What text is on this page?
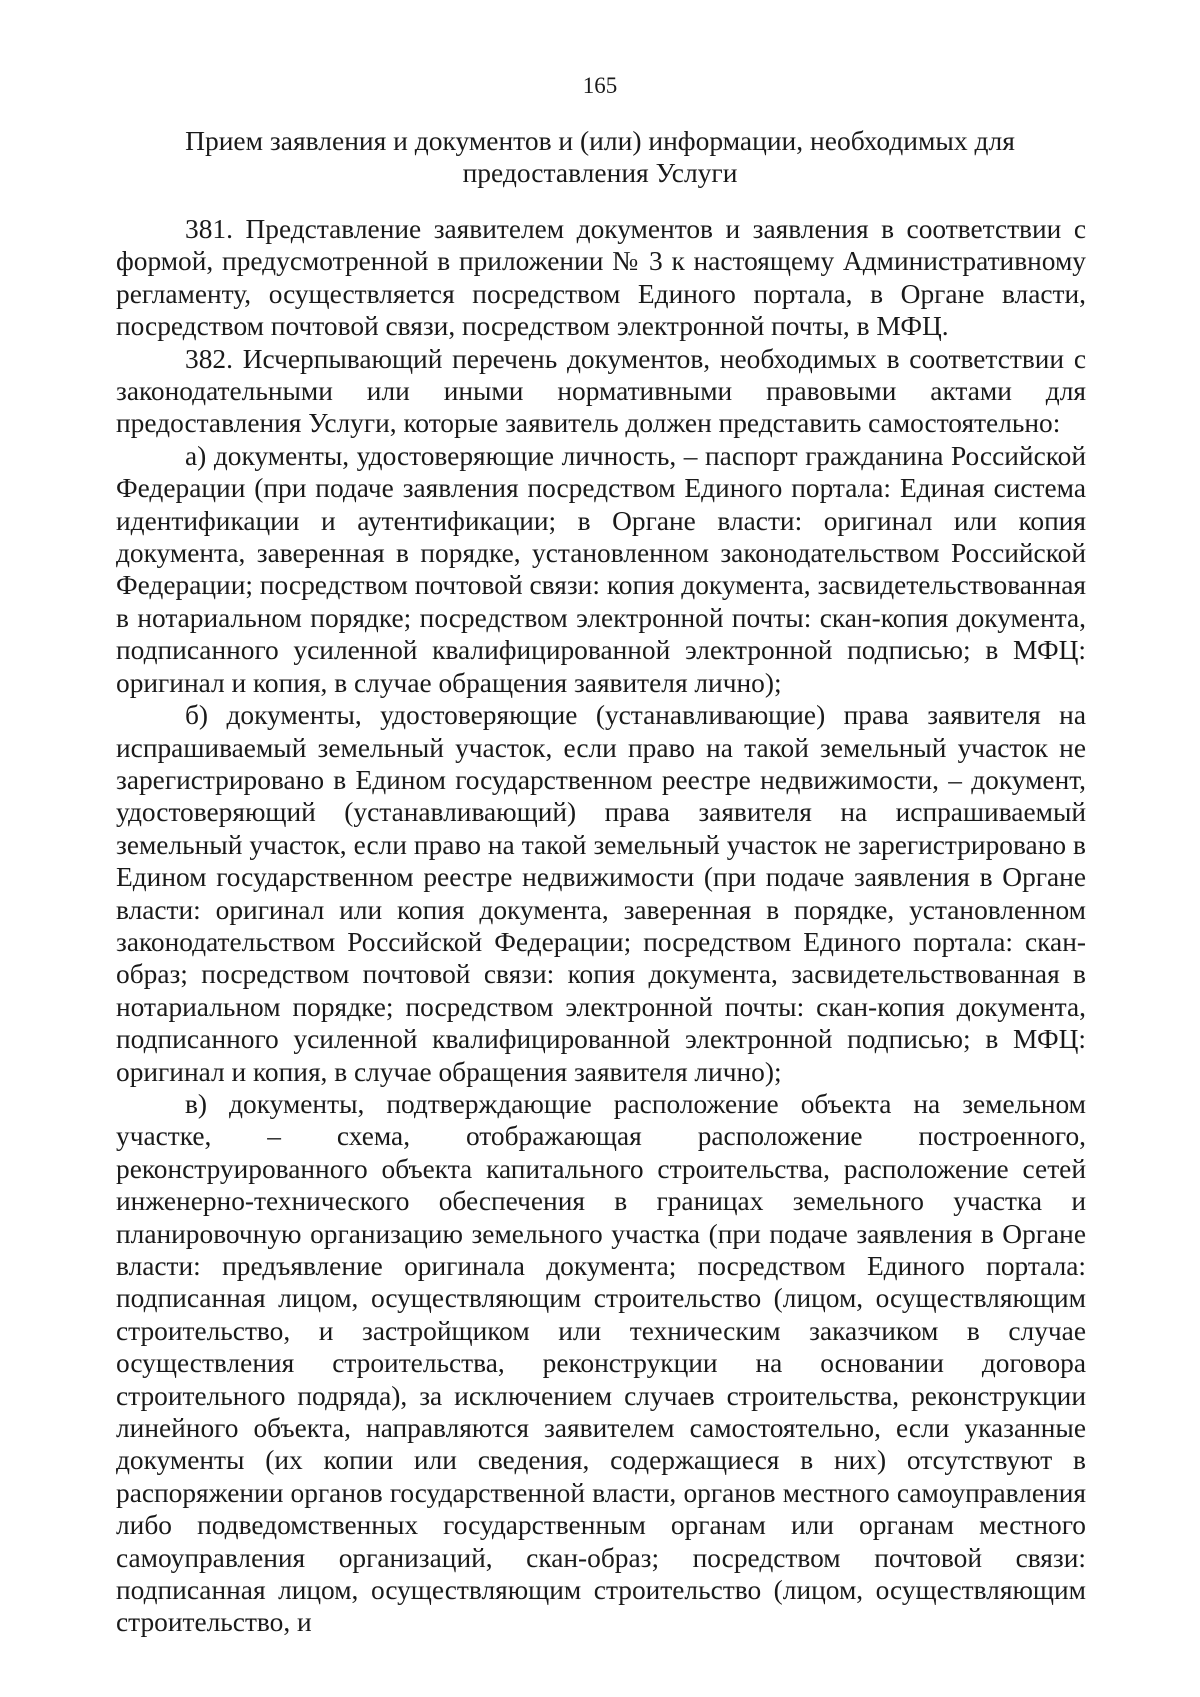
165
Прием заявления и документов и (или) информации, необходимых для
предоставления Услуги

381. Представление заявителем документов и заявления в соответствии с формой, предусмотренной в приложении № 3 к настоящему Административному регламенту, осуществляется посредством Единого портала, в Органе власти, посредством почтовой связи, посредством электронной почты, в МФЦ.

382. Исчерпывающий перечень документов, необходимых в соответствии с законодательными или иными нормативными правовыми актами для предоставления Услуги, которые заявитель должен представить самостоятельно:

а) документы, удостоверяющие личность, – паспорт гражданина Российской Федерации (при подаче заявления посредством Единого портала: Единая система идентификации и аутентификации; в Органе власти: оригинал или копия документа, заверенная в порядке, установленном законодательством Российской Федерации; посредством почтовой связи: копия документа, засвидетельствованная в нотариальном порядке; посредством электронной почты: скан-копия документа, подписанного усиленной квалифицированной электронной подписью; в МФЦ: оригинал и копия, в случае обращения заявителя лично);

б) документы, удостоверяющие (устанавливающие) права заявителя на испрашиваемый земельный участок, если право на такой земельный участок не зарегистрировано в Едином государственном реестре недвижимости, – документ, удостоверяющий (устанавливающий) права заявителя на испрашиваемый земельный участок, если право на такой земельный участок не зарегистрировано в Едином государственном реестре недвижимости (при подаче заявления в Органе власти: оригинал или копия документа, заверенная в порядке, установленном законодательством Российской Федерации; посредством Единого портала: скан-образ; посредством почтовой связи: копия документа, засвидетельствованная в нотариальном порядке; посредством электронной почты: скан-копия документа, подписанного усиленной квалифицированной электронной подписью; в МФЦ: оригинал и копия, в случае обращения заявителя лично);

в) документы, подтверждающие расположение объекта на земельном участке, – схема, отображающая расположение построенного, реконструированного объекта капитального строительства, расположение сетей инженерно-технического обеспечения в границах земельного участка и планировочную организацию земельного участка (при подаче заявления в Органе власти: предъявление оригинала документа; посредством Единого портала: подписанная лицом, осуществляющим строительство (лицом, осуществляющим строительство, и застройщиком или техническим заказчиком в случае осуществления строительства, реконструкции на основании договора строительного подряда), за исключением случаев строительства, реконструкции линейного объекта, направляются заявителем самостоятельно, если указанные документы (их копии или сведения, содержащиеся в них) отсутствуют в распоряжении органов государственной власти, органов местного самоуправления либо подведомственных государственным органам или органам местного самоуправления организаций, скан-образ; посредством почтовой связи: подписанная лицом, осуществляющим строительство (лицом, осуществляющим строительство, и
